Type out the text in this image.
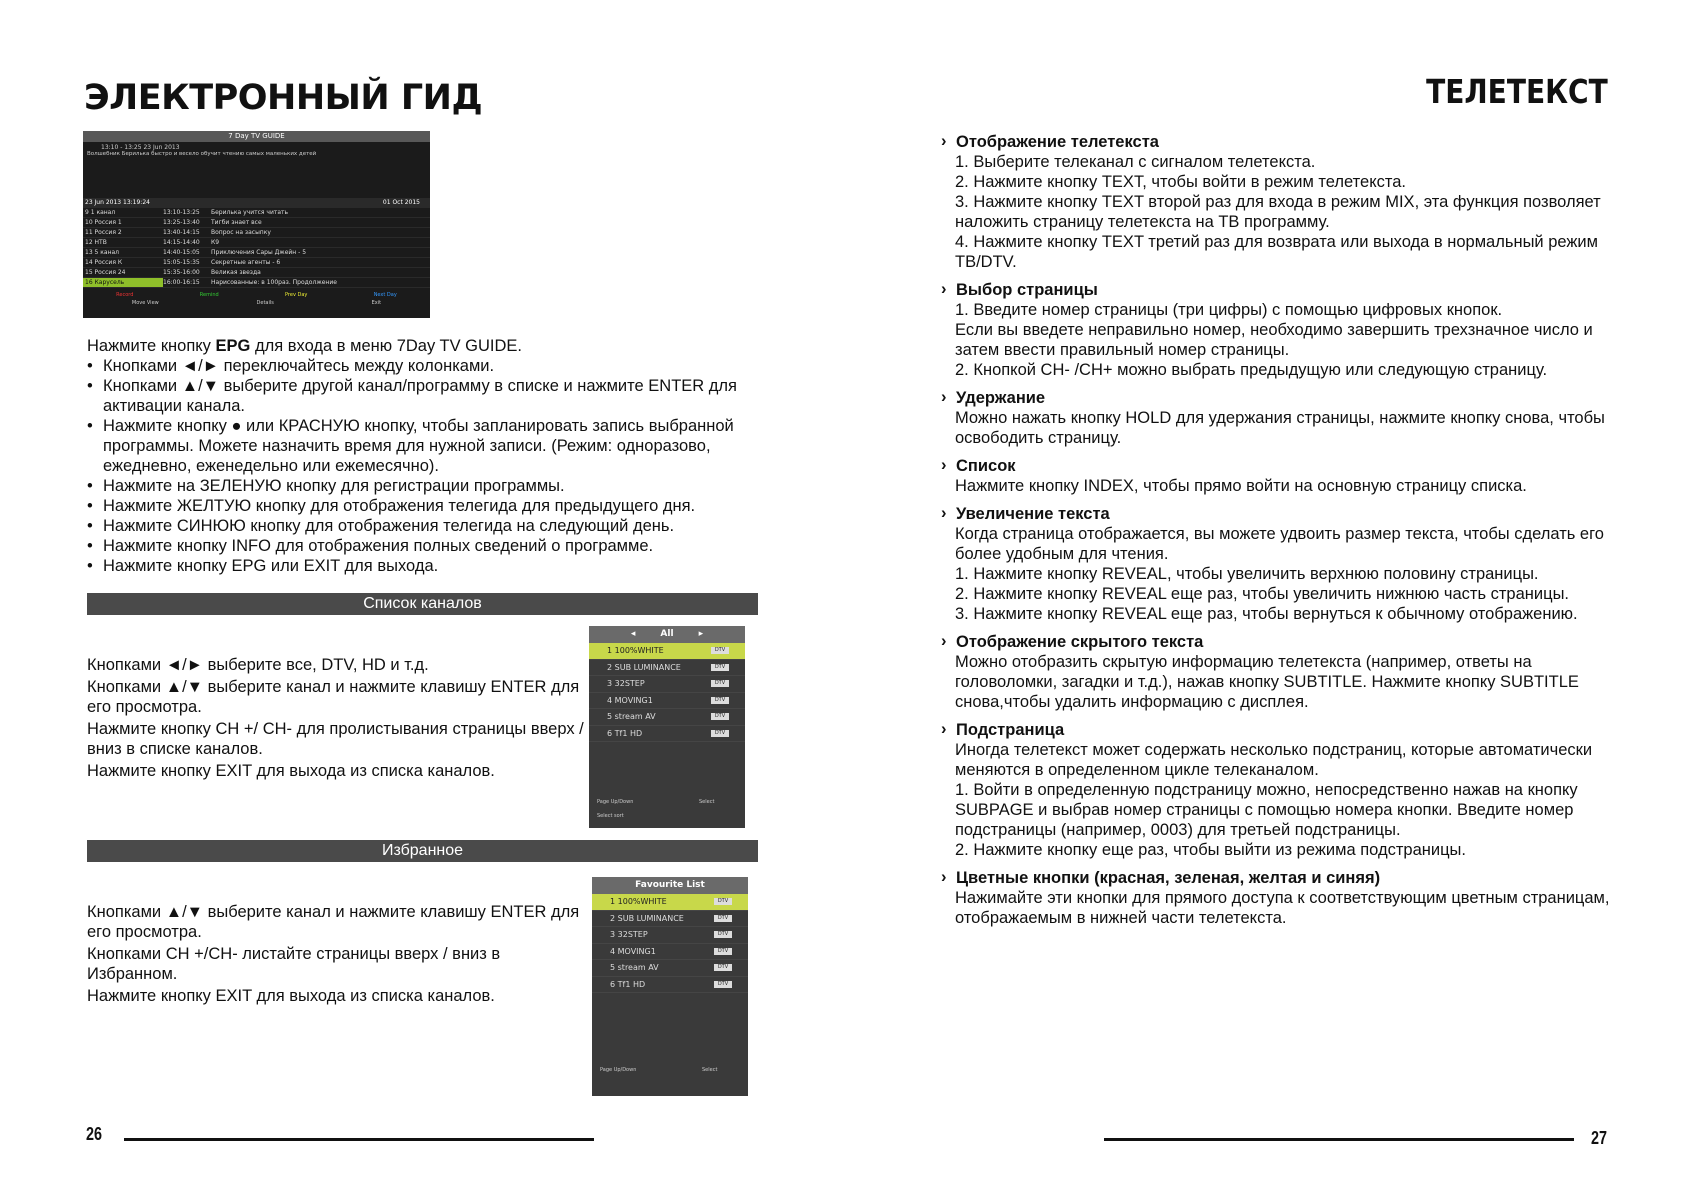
ЭЛЕКТРОННЫЙ ГИД
7 Day TV GUIDE
13:10 - 13:25 23 Jun 2013
Волшебник Берилька быстро и весело обучит чтению самых маленьких детей
23 Jun 2013 13:19:24	01 Oct 2015
9 1 канал	13:10-13:25	Берилька учится читать
10 Россия 1	13:25-13:40	Тигби знает все
11 Россия 2	13:40-14:15	Вопрос на засыпку
12 НТВ	14:15-14:40	К9
13 5 канал	14:40-15:05	Приключения Сары Джейн - 5
14 Россия К	15:05-15:35	Секретные агенты - 6
15 Россия 24	15:35-16:00	Великая звезда
16 Карусель	16:00-16:15	Нарисованные: в 100раз. Продолжение
Record	Remind	Prev Day	Next Day
Move View	Details	Exit
Нажмите кнопку EPG для входа в меню 7Day TV GUIDE.
• Кнопками ◄/► переключайтесь между колонками.
• Кнопками ▲/▼ выберите другой канал/программу в списке и нажмите ENTER для активации канала.
• Нажмите кнопку ● или КРАСНУЮ кнопку, чтобы запланировать запись выбранной программы. Можете назначить время для нужной записи. (Режим: одноразово, ежедневно, еженедельно или ежемесячно).
• Нажмите на ЗЕЛЕНУЮ кнопку для регистрации программы.
• Нажмите ЖЕЛТУЮ кнопку для отображения телегида для предыдущего дня.
• Нажмите СИНЮЮ кнопку для отображения телегида на следующий день.
• Нажмите кнопку INFO для отображения полных сведений о программе.
• Нажмите кнопку EPG или EXIT для выхода.
Список каналов
Кнопками ◄/► выберите все, DTV, HD и т.д.
Кнопками ▲/▼ выберите канал и нажмите клавишу ENTER для его просмотра.
Нажмите кнопку CH +/ CH- для пролистывания страницы вверх / вниз в списке каналов.
Нажмите кнопку EXIT для выхода из списка каналов.
◂        All        ▸
1 100%WHITE	DTV
2 SUB LUMINANCE	DTV
3 32STEP	DTV
4 MOVING1	DTV
5 stream AV	DTV
6 Tf1 HD	DTV
Page Up/Down	Select
Select sort
Избранное
Кнопками ▲/▼ выберите канал и нажмите клавишу ENTER для его просмотра.
Кнопками CH +/CH- листайте страницы вверх / вниз в Избранном.
Нажмите кнопку EXIT для выхода из списка каналов.
Favourite List
1 100%WHITE	DTV
2 SUB LUMINANCE	DTV
3 32STEP	DTV
4 MOVING1	DTV
5 stream AV	DTV
6 Tf1 HD	DTV
Page Up/Down	Select
26
ТЕЛЕТЕКСТ
› Отображение телетекста
1. Выберите телеканал с сигналом телетекста.
2. Нажмите кнопку TEXT, чтобы войти в режим телетекста.
3. Нажмите кнопку TEXT второй раз для входа в режим MIX, эта функция позволяет наложить страницу телетекста на ТВ программу.
4. Нажмите кнопку TEXT третий раз для возврата или выхода в нормальный режим ТВ/DTV.
› Выбор страницы
1. Введите номер страницы (три цифры) с помощью цифровых кнопок.
Если вы введете неправильно номер, необходимо завершить трехзначное число и затем ввести правильный номер страницы.
2. Кнопкой CH- /CH+ можно выбрать предыдущую или следующую страницу.
› Удержание
Можно нажать кнопку HOLD для удержания страницы, нажмите кнопку снова, чтобы освободить страницу.
› Список
Нажмите кнопку INDEX, чтобы прямо войти на основную страницу списка.
› Увеличение текста
Когда страница отображается, вы можете удвоить размер текста, чтобы сделать его более удобным для чтения.
1. Нажмите кнопку REVEAL, чтобы увеличить верхнюю половину страницы.
2. Нажмите кнопку REVEAL еще раз, чтобы увеличить нижнюю часть страницы.
3. Нажмите кнопку REVEAL еще раз, чтобы вернуться к обычному отображению.
› Отображение скрытого текста
Можно отобразить скрытую информацию телетекста (например, ответы на головоломки, загадки и т.д.), нажав кнопку SUBTITLE. Нажмите кнопку SUBTITLE снова,чтобы удалить информацию с дисплея.
› Подстраница
Иногда телетекст может содержать несколько подстраниц, которые автоматически меняются в определенном цикле телеканалом.
1. Войти в определенную подстраницу можно, непосредственно нажав на кнопку SUBPAGE и выбрав номер страницы с помощью номера кнопки. Введите номер подстраницы (например, 0003) для третьей подстраницы.
2. Нажмите кнопку еще раз, чтобы выйти из режима подстраницы.
› Цветные кнопки (красная, зеленая, желтая и синяя)
Нажимайте эти кнопки для прямого доступа к соответствующим цветным страницам, отображаемым в нижней части телетекста.
27
